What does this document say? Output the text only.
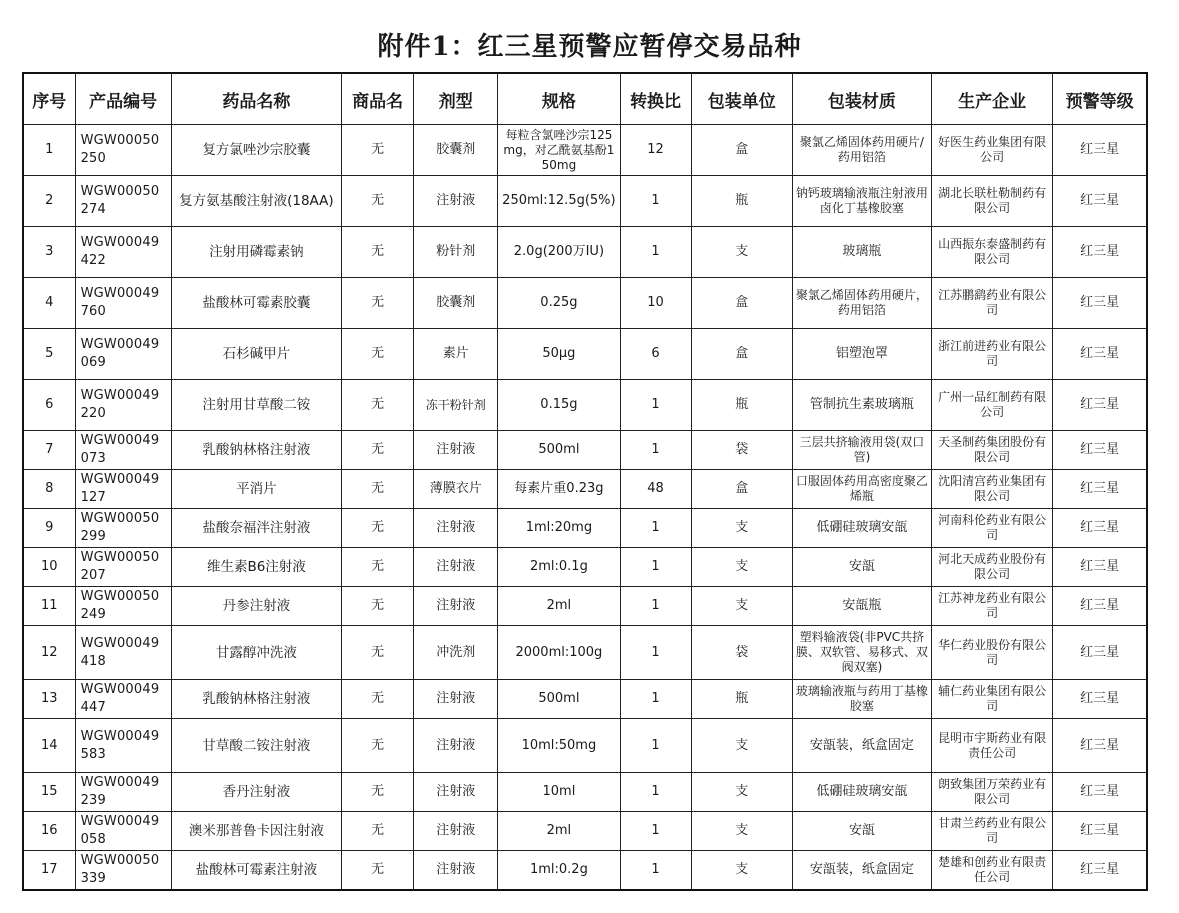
附件1：红三星预警应暂停交易品种
序号	产品编号	药品名称	商品名	剂型	规格	转换比	包装单位	包装材质	生产企业	预警等级
1	WGW00050250	复方氯唑沙宗胶囊	无	胶囊剂	每粒含氯唑沙宗125mg，对乙酰氨基酚150mg	12	盒	聚氯乙烯固体药用硬片/药用铝箔	好医生药业集团有限公司	红三星
2	WGW00050274	复方氨基酸注射液(18AA)	无	注射液	250ml:12.5g(5%)	1	瓶	钠钙玻璃输液瓶注射液用卤化丁基橡胶塞	湖北长联杜勒制药有限公司	红三星
3	WGW00049422	注射用磷霉素钠	无	粉针剂	2.0g(200万IU)	1	支	玻璃瓶	山西振东泰盛制药有限公司	红三星
4	WGW00049760	盐酸林可霉素胶囊	无	胶囊剂	0.25g	10	盒	聚氯乙烯固体药用硬片，药用铝箔	江苏鹏鹞药业有限公司	红三星
5	WGW00049069	石杉碱甲片	无	素片	50μg	6	盒	铝塑泡罩	浙江前进药业有限公司	红三星
6	WGW00049220	注射用甘草酸二铵	无	冻干粉针剂	0.15g	1	瓶	管制抗生素玻璃瓶	广州一品红制药有限公司	红三星
7	WGW00049073	乳酸钠林格注射液	无	注射液	500ml	1	袋	三层共挤输液用袋(双口管)	天圣制药集团股份有限公司	红三星
8	WGW00049127	平消片	无	薄膜衣片	每素片重0.23g	48	盒	口服固体药用高密度聚乙烯瓶	沈阳清宫药业集团有限公司	红三星
9	WGW00050299	盐酸奈福泮注射液	无	注射液	1ml:20mg	1	支	低硼硅玻璃安瓿	河南科伦药业有限公司	红三星
10	WGW00050207	维生素B6注射液	无	注射液	2ml:0.1g	1	支	安瓿	河北天成药业股份有限公司	红三星
11	WGW00050249	丹参注射液	无	注射液	2ml	1	支	安瓿瓶	江苏神龙药业有限公司	红三星
12	WGW00049418	甘露醇冲洗液	无	冲洗剂	2000ml:100g	1	袋	塑料输液袋(非PVC共挤膜、双软管、易移式、双阀双塞)	华仁药业股份有限公司	红三星
13	WGW00049447	乳酸钠林格注射液	无	注射液	500ml	1	瓶	玻璃输液瓶与药用丁基橡胶塞	辅仁药业集团有限公司	红三星
14	WGW00049583	甘草酸二铵注射液	无	注射液	10ml:50mg	1	支	安瓿装，纸盒固定	昆明市宇斯药业有限责任公司	红三星
15	WGW00049239	香丹注射液	无	注射液	10ml	1	支	低硼硅玻璃安瓿	朗致集团万荣药业有限公司	红三星
16	WGW00049058	澳米那普鲁卡因注射液	无	注射液	2ml	1	支	安瓿	甘肃兰药药业有限公司	红三星
17	WGW00050339	盐酸林可霉素注射液	无	注射液	1ml:0.2g	1	支	安瓿装，纸盒固定	楚雄和创药业有限责任公司	红三星
